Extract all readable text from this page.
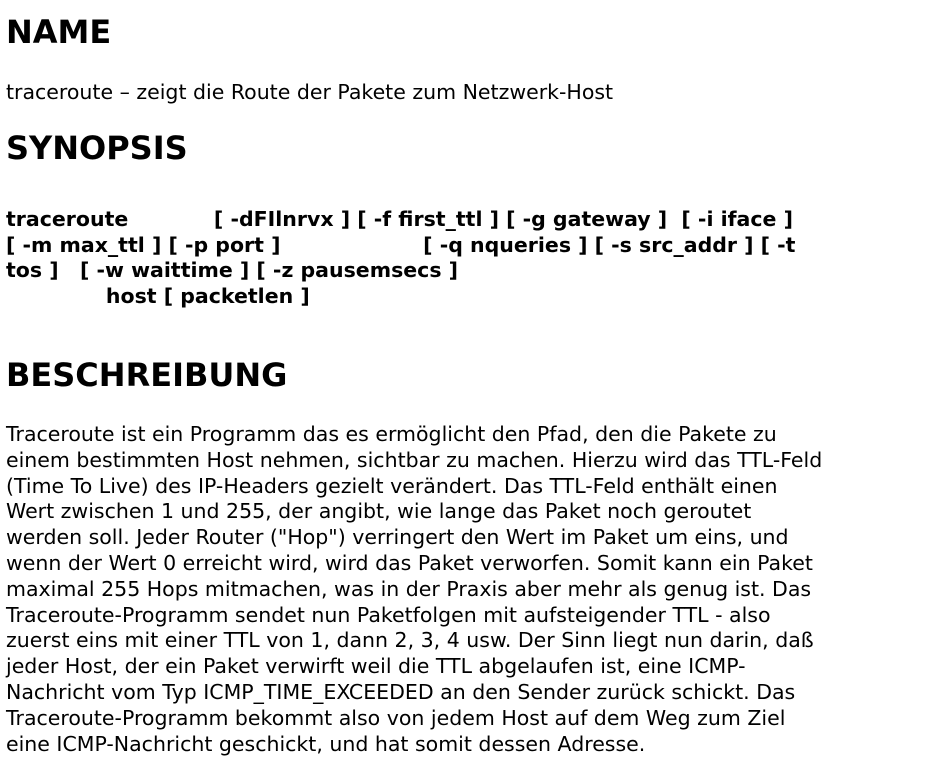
NAME
traceroute – zeigt die Route der Pakete zum Netzwerk-Host
SYNOPSIS
traceroute            [ -dFIlnrvx ] [ -f first_ttl ] [ -g gateway ]  [ -i iface ]
[ -m max_ttl ] [ -p port ]                    [ -q nqueries ] [ -s src_addr ] [ -t
tos ]   [ -w waittime ] [ -z pausemsecs ]
host [ packetlen ]
BESCHREIBUNG
Traceroute ist ein Programm das es ermöglicht den Pfad, den die Pakete zu
einem bestimmten Host nehmen, sichtbar zu machen. Hierzu wird das TTL-Feld
(Time To Live) des IP-Headers gezielt verändert. Das TTL-Feld enthält einen
Wert zwischen 1 und 255, der angibt, wie lange das Paket noch geroutet
werden soll. Jeder Router ("Hop") verringert den Wert im Paket um eins, und
wenn der Wert 0 erreicht wird, wird das Paket verworfen. Somit kann ein Paket
maximal 255 Hops mitmachen, was in der Praxis aber mehr als genug ist. Das
Traceroute-Programm sendet nun Paketfolgen mit aufsteigender TTL - also
zuerst eins mit einer TTL von 1, dann 2, 3, 4 usw. Der Sinn liegt nun darin, daß
jeder Host, der ein Paket verwirft weil die TTL abgelaufen ist, eine ICMP-
Nachricht vom Typ ICMP_TIME_EXCEEDED an den Sender zurück schickt. Das
Traceroute-Programm bekommt also von jedem Host auf dem Weg zum Ziel
eine ICMP-Nachricht geschickt, und hat somit dessen Adresse.
